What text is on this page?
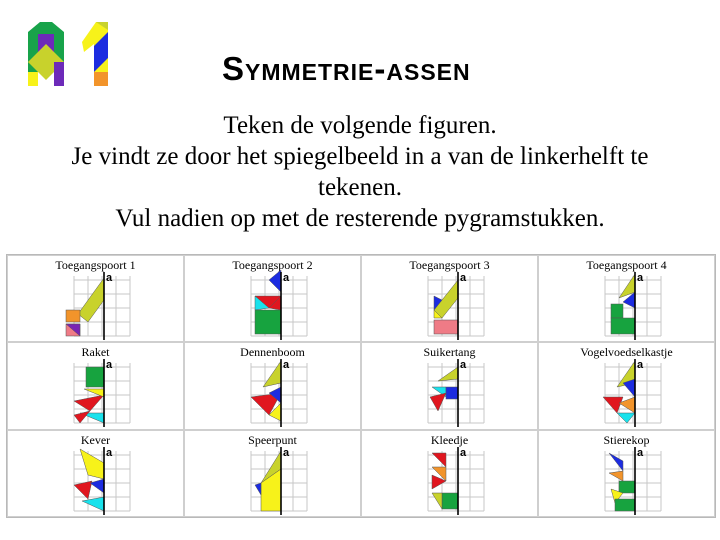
Symmetrie-assen
Teken de volgende figuren.
Je vindt ze door het spiegelbeeld in a van de linkerhelft te
tekenen.
Vul nadien op met de resterende pygramstukken.
Toegangspoort 1
a
Toegangspoort 2
a
Toegangspoort 3
a
Toegangspoort 4
a
Raket
a
Dennenboom
a
Suikertang
a
Vogelvoedselkastje
a
Kever
a
Speerpunt
a
Kleedje
a
Stierekop
a
